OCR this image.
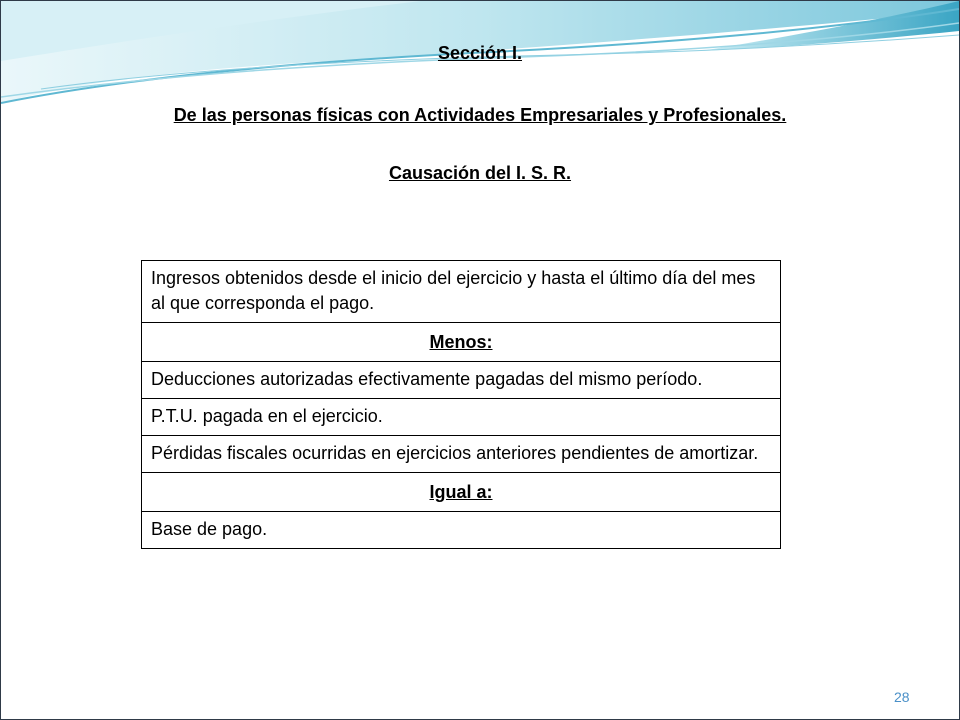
Sección I.
De las personas físicas con Actividades Empresariales y Profesionales.
Causación del I. S. R.
Ingresos obtenidos desde el inicio del ejercicio y hasta el último día del mes al que corresponda el pago.
Menos:
Deducciones autorizadas efectivamente pagadas del mismo período.
P.T.U. pagada en el ejercicio.
Pérdidas fiscales ocurridas en ejercicios anteriores pendientes de amortizar.
Igual a:
Base de pago.
28
